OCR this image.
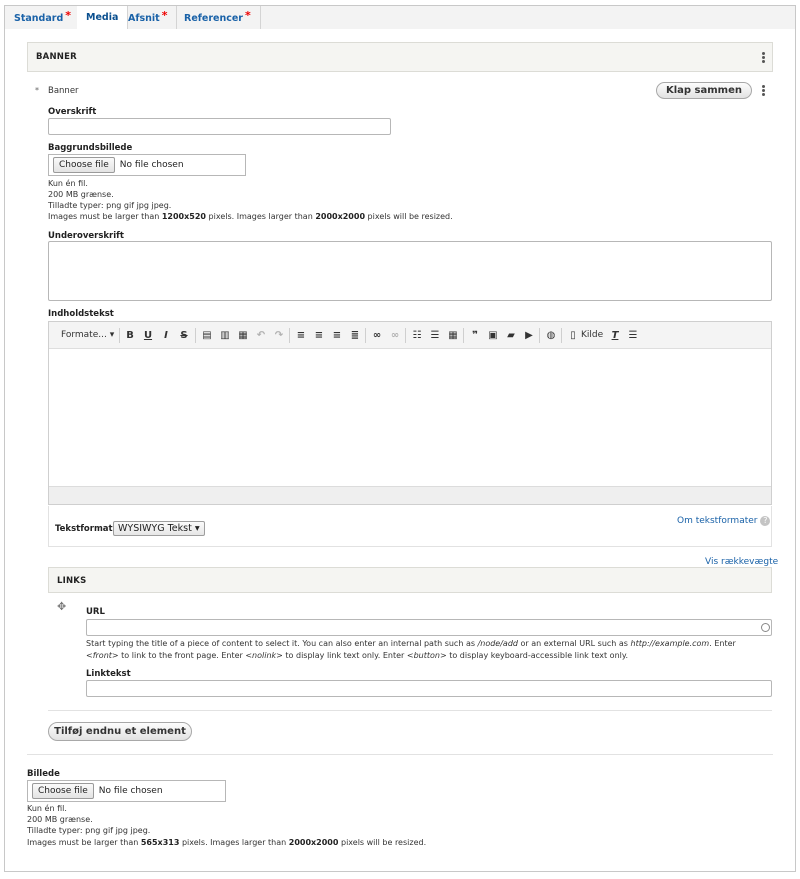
Standard *	Media	Afsnit *	Referencer *
BANNER
* Banner	Klap sammen
Overskrift
Baggrundsbillede
Choose file	No file chosen
Kun én fil.
200 MB grænse.
Tilladte typer: png gif jpg jpeg.
Images must be larger than 1200x520 pixels. Images larger than 2000x2000 pixels will be resized.
Underoverskrift
Indholdstekst
Formate... ▾ B U	I	S ▤ ▥ ▦ ↶ ↷ ≡ ≡ ≡ ≣ ∞ ∞ ☷ ☰ ▦	❞	▣ ▰ ▶ ◍	▯ Kilde T ☰
Tekstformat WYSIWYG Tekst ▾
Om tekstformater ?
Vis rækkevægte
LINKS
✥ URL
Start typing the title of a piece of content to select it. You can also enter an internal path such as /node/add or an external URL such as http://example.com. Enter
<front> to link to the front page. Enter <nolink> to display link text only. Enter <button> to display keyboard-accessible link text only.
Linktekst
Tilføj endnu et element
Billede
Choose file	No file chosen
Kun én fil.
200 MB grænse.
Tilladte typer: png gif jpg jpeg.
Images must be larger than 565x313 pixels. Images larger than 2000x2000 pixels will be resized.
